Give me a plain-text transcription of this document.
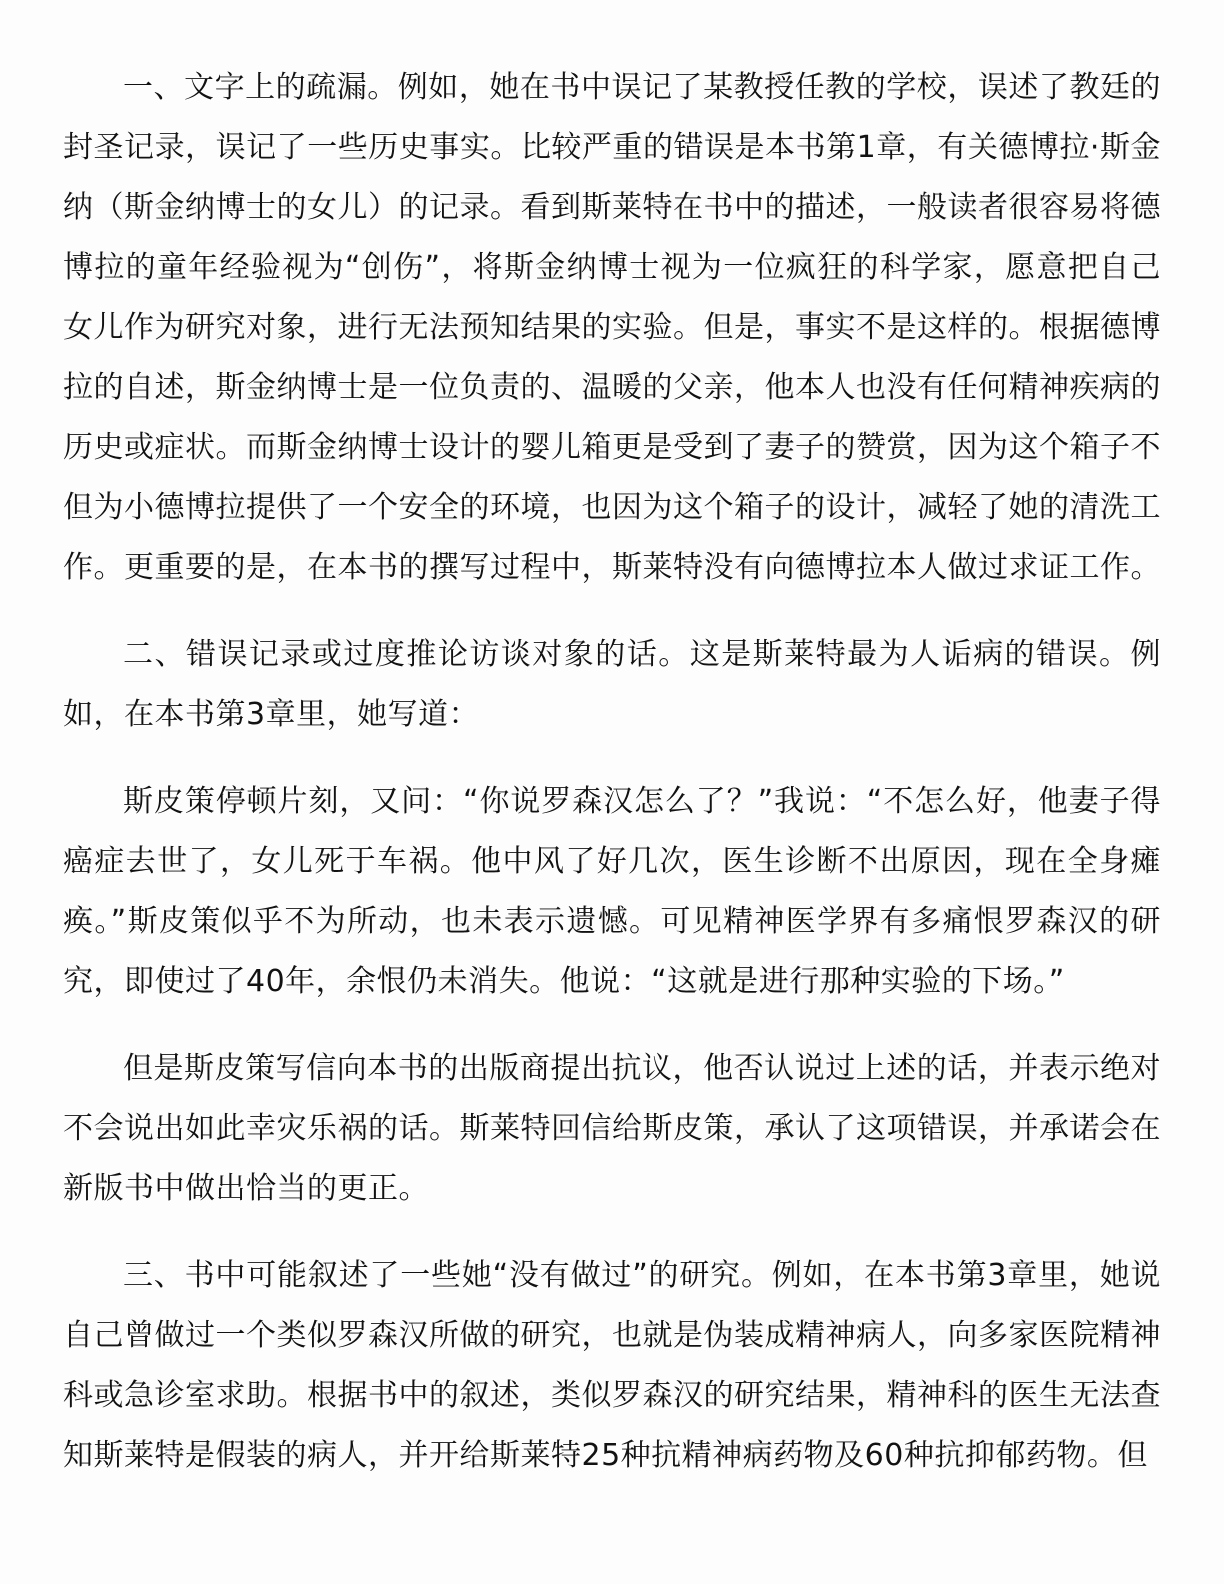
一、文字上的疏漏。例如，她在书中误记了某教授任教的学校，误述了教廷的封圣记录，误记了一些历史事实。比较严重的错误是本书第1章，有关德博拉·斯金纳（斯金纳博士的女儿）的记录。看到斯莱特在书中的描述，一般读者很容易将德博拉的童年经验视为“创伤”，将斯金纳博士视为一位疯狂的科学家，愿意把自己女儿作为研究对象，进行无法预知结果的实验。但是，事实不是这样的。根据德博拉的自述，斯金纳博士是一位负责的、温暖的父亲，他本人也没有任何精神疾病的历史或症状。而斯金纳博士设计的婴儿箱更是受到了妻子的赞赏，因为这个箱子不但为小德博拉提供了一个安全的环境，也因为这个箱子的设计，减轻了她的清洗工作。更重要的是，在本书的撰写过程中，斯莱特没有向德博拉本人做过求证工作。

二、错误记录或过度推论访谈对象的话。这是斯莱特最为人诟病的错误。例如，在本书第3章里，她写道：

斯皮策停顿片刻，又问：“你说罗森汉怎么了？”我说：“不怎么好，他妻子得癌症去世了，女儿死于车祸。他中风了好几次，医生诊断不出原因，现在全身瘫痪。”斯皮策似乎不为所动，也未表示遗憾。可见精神医学界有多痛恨罗森汉的研究，即使过了40年，余恨仍未消失。他说：“这就是进行那种实验的下场。”

但是斯皮策写信向本书的出版商提出抗议，他否认说过上述的话，并表示绝对不会说出如此幸灾乐祸的话。斯莱特回信给斯皮策，承认了这项错误，并承诺会在新版书中做出恰当的更正。

三、书中可能叙述了一些她“没有做过”的研究。例如，在本书第3章里，她说自己曾做过一个类似罗森汉所做的研究，也就是伪装成精神病人，向多家医院精神科或急诊室求助。根据书中的叙述，类似罗森汉的研究结果，精神科的医生无法查知斯莱特是假装的病人，并开给斯莱特25种抗精神病药物及60种抗抑郁药物。但
